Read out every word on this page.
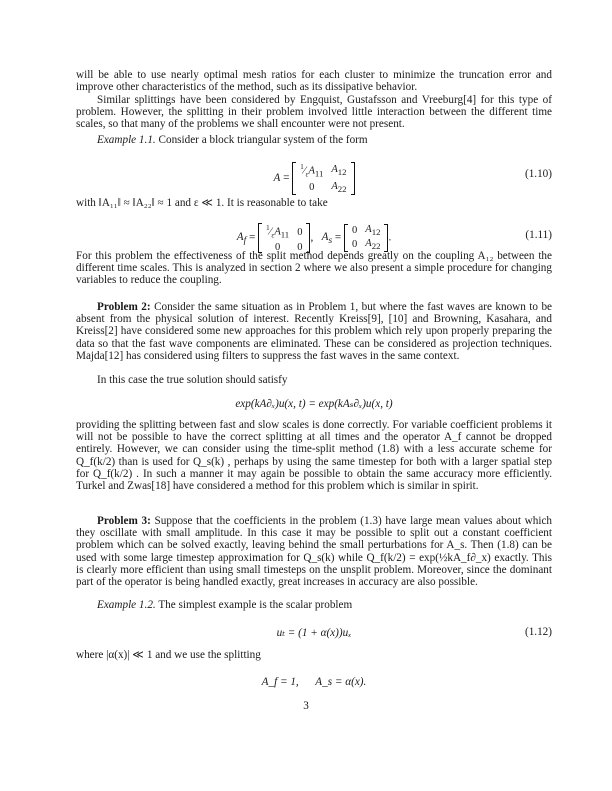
will be able to use nearly optimal mesh ratios for each cluster to minimize the truncation error and improve other characteristics of the method, such as its dissipative behavior.
Similar splittings have been considered by Engquist, Gustafsson and Vreeburg[4] for this type of problem. However, the splitting in their problem involved little interaction between the different time scales, so that many of the problems we shall encounter were not present.
Example 1.1. Consider a block triangular system of the form
A =
$^1⁄_\varepsilon A_{11}$	$A_{12}$
0	$A_{22}$
(1.10)
with ‖A₁₁‖ ≈ ‖A₂₂‖ ≈ 1 and ε ≪ 1. It is reasonable to take
$A_f$ =
$^1⁄_\varepsilon A_{11}$	0
0	0
,   $A_s$ =
0	$A_{12}$
0	$A_{22}$
.	(1.11)
For this problem the effectiveness of the split method depends greatly on the coupling A₁₂ between the different time scales. This is analyzed in section 2 where we also present a simple procedure for changing variables to reduce the coupling.
Problem 2: Consider the same situation as in Problem 1, but where the fast waves are known to be absent from the physical solution of interest. Recently Kreiss[9], [10] and Browning, Kasahara, and Kreiss[2] have considered some new approaches for this problem which rely upon properly preparing the data so that the fast wave components are eliminated. These can be considered as projection techniques. Majda[12] has considered using filters to suppress the fast waves in the same context.
In this case the true solution should satisfy
exp(kA∂ₓ)u(x, t) = exp(kAₛ∂ₓ)u(x, t)
providing the splitting between fast and slow scales is done correctly. For variable coefficient problems it will not be possible to have the correct splitting at all times and the operator A_f cannot be dropped entirely. However, we can consider using the time-split method (1.8) with a less accurate scheme for Q_f(k/2) than is used for Q_s(k) , perhaps by using the same timestep for both with a larger spatial step for Q_f(k/2) . In such a manner it may again be possible to obtain the same accuracy more efficiently. Turkel and Zwas[18] have considered a method for this problem which is similar in spirit.
Problem 3: Suppose that the coefficients in the problem (1.3) have large mean values about which they oscillate with small amplitude. In this case it may be possible to split out a constant coefficient problem which can be solved exactly, leaving behind the small perturbations for A_s. Then (1.8) can be used with some large timestep approximation for Q_s(k) while Q_f(k/2) = exp(½kA_f∂_x) exactly. This is clearly more efficient than using small timesteps on the unsplit problem. Moreover, since the dominant part of the operator is being handled exactly, great increases in accuracy are also possible.
Example 1.2. The simplest example is the scalar problem
uₜ = (1 + α(x))uₓ	(1.12)
where |α(x)| ≪ 1 and we use the splitting
A_f = 1,      A_s = α(x).
3
